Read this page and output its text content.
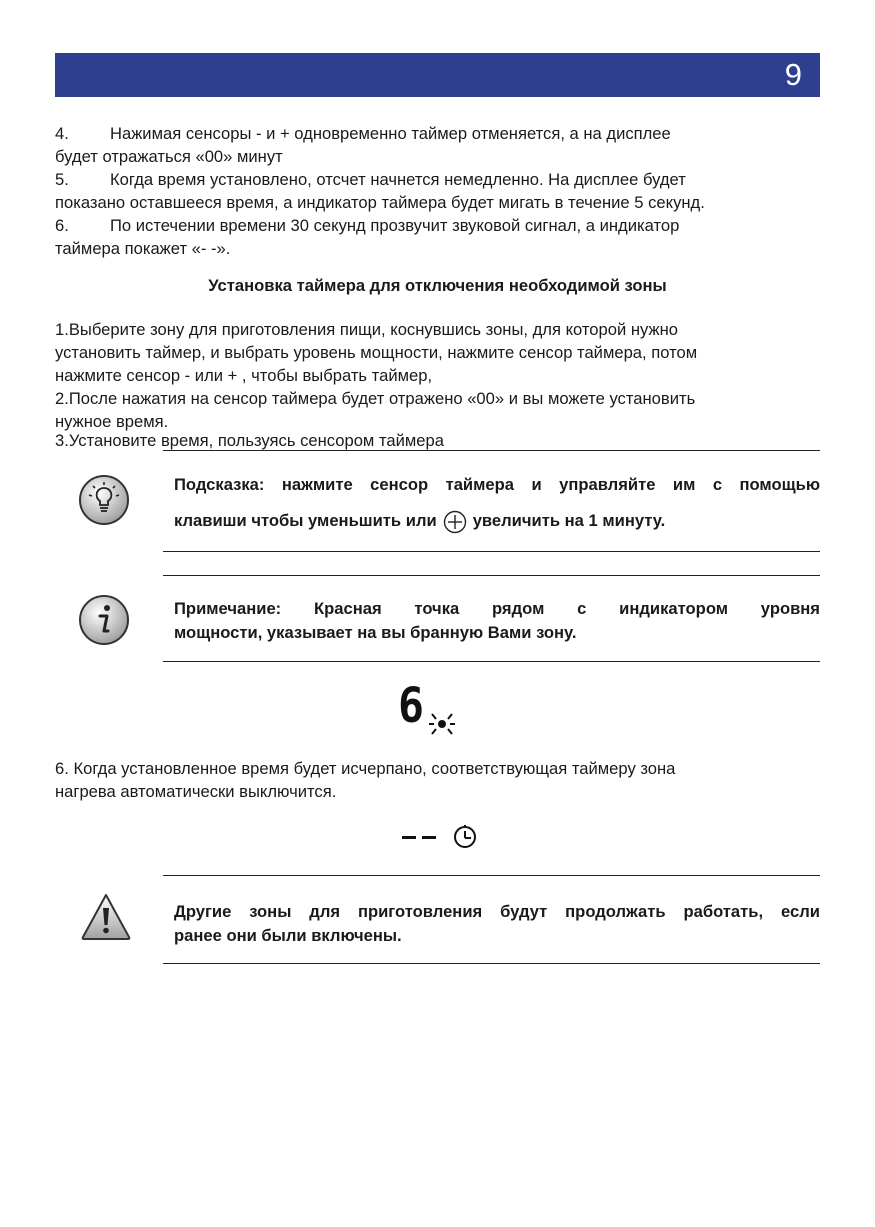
9

4. Нажимая сенсоры - и + одновременно таймер отменяется, а на дисплее

будет отражаться «00» минут

5. Когда время установлено, отсчет начнется немедленно. На дисплее будет

показано оставшееся время, а индикатор таймера будет мигать в течение 5 секунд.

6. По истечении времени 30 секунд прозвучит звуковой сигнал, а индикатор

таймера покажет «- -».

Установка таймера для отключения необходимой зоны

1.Выберите зону для приготовления пищи, коснувшись зоны, для которой нужно

установить таймер, и выбрать уровень мощности, нажмите сенсор таймера, потом

нажмите сенсор - или + , чтобы выбрать таймер,

2.После нажатия на сенсор таймера будет отражено «00» и вы можете установить

нужное время.

3.Установите время, пользуясь сенсором таймера

Подсказка: нажмите сенсор таймера и управляйте им с помощью

клавиши чтобы уменьшить или увеличить на 1 минуту.

Примечание: Красная точка рядом с индикатором уровня

мощности, указывает на вы бранную Вами зону.

6

6. Когда установленное время будет исчерпано, соответствующая таймеру зона

нагрева автоматически выключится.

Другие зоны для приготовления будут продолжать работать, если

ранее они были включены.
